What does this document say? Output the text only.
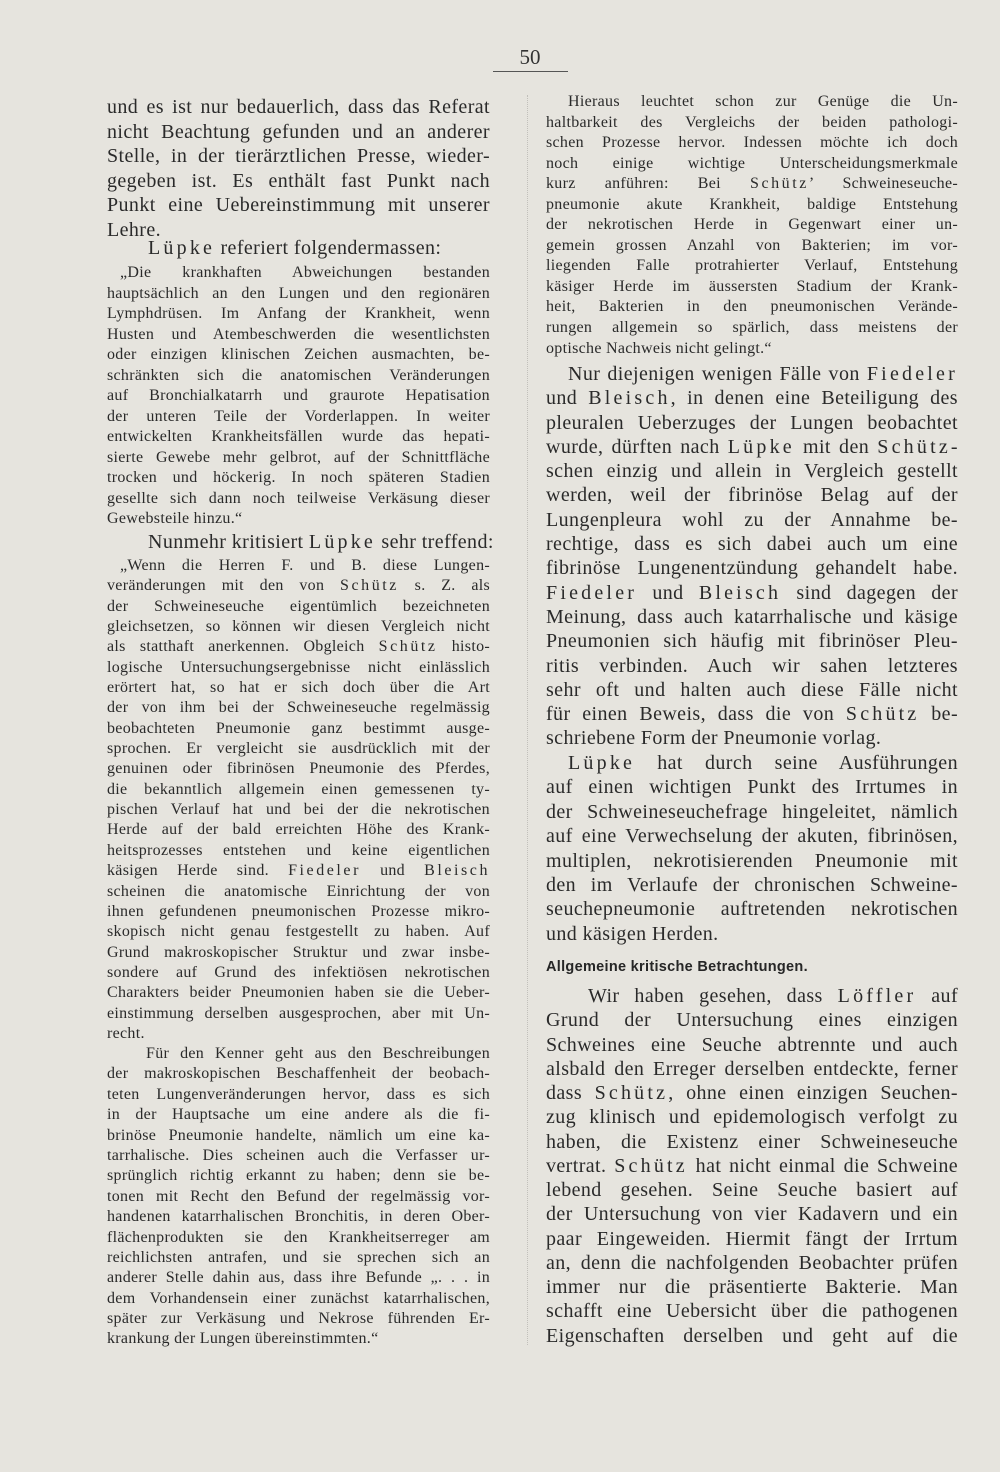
50
und es ist nur bedauerlich, dass das Referat
nicht Beachtung gefunden und an anderer
Stelle, in der tierärztlichen Presse, wieder-
gegeben ist. Es enthält fast Punkt nach
Punkt eine Uebereinstimmung mit unserer
Lehre.
Lüpke referiert folgendermassen:
„Die krankhaften Abweichungen bestanden
hauptsächlich an den Lungen und den regionären
Lymphdrüsen. Im Anfang der Krankheit, wenn
Husten und Atembeschwerden die wesentlichsten
oder einzigen klinischen Zeichen ausmachten, be-
schränkten sich die anatomischen Veränderungen
auf Bronchialkatarrh und graurote Hepatisation
der unteren Teile der Vorderlappen. In weiter
entwickelten Krankheitsfällen wurde das hepati-
sierte Gewebe mehr gelbrot, auf der Schnittfläche
trocken und höckerig. In noch späteren Stadien
gesellte sich dann noch teilweise Verkäsung dieser
Gewebsteile hinzu.“
Nunmehr kritisiert Lüpke sehr treffend:
„Wenn die Herren F. und B. diese Lungen-
veränderungen mit den von Schütz s. Z. als
der Schweineseuche eigentümlich bezeichneten
gleichsetzen, so können wir diesen Vergleich nicht
als statthaft anerkennen. Obgleich Schütz histo-
logische Untersuchungsergebnisse nicht einlässlich
erörtert hat, so hat er sich doch über die Art
der von ihm bei der Schweineseuche regelmässig
beobachteten Pneumonie ganz bestimmt ausge-
sprochen. Er vergleicht sie ausdrücklich mit der
genuinen oder fibrinösen Pneumonie des Pferdes,
die bekanntlich allgemein einen gemessenen ty-
pischen Verlauf hat und bei der die nekrotischen
Herde auf der bald erreichten Höhe des Krank-
heitsprozesses entstehen und keine eigentlichen
käsigen Herde sind. Fiedeler und Bleisch
scheinen die anatomische Einrichtung der von
ihnen gefundenen pneumonischen Prozesse mikro-
skopisch nicht genau festgestellt zu haben. Auf
Grund makroskopischer Struktur und zwar insbe-
sondere auf Grund des infektiösen nekrotischen
Charakters beider Pneumonien haben sie die Ueber-
einstimmung derselben ausgesprochen, aber mit Un-
recht.
Für den Kenner geht aus den Beschreibungen
der makroskopischen Beschaffenheit der beobach-
teten Lungenveränderungen hervor, dass es sich
in der Hauptsache um eine andere als die fi-
brinöse Pneumonie handelte, nämlich um eine ka-
tarrhalische. Dies scheinen auch die Verfasser ur-
sprünglich richtig erkannt zu haben; denn sie be-
tonen mit Recht den Befund der regelmässig vor-
handenen katarrhalischen Bronchitis, in deren Ober-
flächenprodukten sie den Krankheitserreger am
reichlichsten antrafen, und sie sprechen sich an
anderer Stelle dahin aus, dass ihre Befunde „. . . in
dem Vorhandensein einer zunächst katarrhalischen,
später zur Verkäsung und Nekrose führenden Er-
krankung der Lungen übereinstimmten.“
Hieraus leuchtet schon zur Genüge die Un-
haltbarkeit des Vergleichs der beiden pathologi-
schen Prozesse hervor. Indessen möchte ich doch
noch einige wichtige Unterscheidungsmerkmale
kurz anführen: Bei Schütz’ Schweineseuche-
pneumonie akute Krankheit, baldige Entstehung
der nekrotischen Herde in Gegenwart einer un-
gemein grossen Anzahl von Bakterien; im vor-
liegenden Falle protrahierter Verlauf, Entstehung
käsiger Herde im äussersten Stadium der Krank-
heit, Bakterien in den pneumonischen Verände-
rungen allgemein so spärlich, dass meistens der
optische Nachweis nicht gelingt.“
Nur diejenigen wenigen Fälle von Fiedeler
und Bleisch, in denen eine Beteiligung des
pleuralen Ueberzuges der Lungen beobachtet
wurde, dürften nach Lüpke mit den Schütz-
schen einzig und allein in Vergleich gestellt
werden, weil der fibrinöse Belag auf der
Lungenpleura wohl zu der Annahme be-
rechtige, dass es sich dabei auch um eine
fibrinöse Lungenentzündung gehandelt habe.
Fiedeler und Bleisch sind dagegen der
Meinung, dass auch katarrhalische und käsige
Pneumonien sich häufig mit fibrinöser Pleu-
ritis verbinden. Auch wir sahen letzteres
sehr oft und halten auch diese Fälle nicht
für einen Beweis, dass die von Schütz be-
schriebene Form der Pneumonie vorlag.
Lüpke hat durch seine Ausführungen
auf einen wichtigen Punkt des Irrtumes in
der Schweineseuchefrage hingeleitet, nämlich
auf eine Verwechselung der akuten, fibrinösen,
multiplen, nekrotisierenden Pneumonie mit
den im Verlaufe der chronischen Schweine-
seuchepneumonie auftretenden nekrotischen
und käsigen Herden.
Allgemeine kritische Betrachtungen.
Wir haben gesehen, dass Löffler auf
Grund der Untersuchung eines einzigen
Schweines eine Seuche abtrennte und auch
alsbald den Erreger derselben entdeckte, ferner
dass Schütz, ohne einen einzigen Seuchen-
zug klinisch und epidemologisch verfolgt zu
haben, die Existenz einer Schweineseuche
vertrat. Schütz hat nicht einmal die Schweine
lebend gesehen. Seine Seuche basiert auf
der Untersuchung von vier Kadavern und ein
paar Eingeweiden. Hiermit fängt der Irrtum
an, denn die nachfolgenden Beobachter prüfen
immer nur die präsentierte Bakterie. Man
schafft eine Uebersicht über die pathogenen
Eigenschaften derselben und geht auf die
